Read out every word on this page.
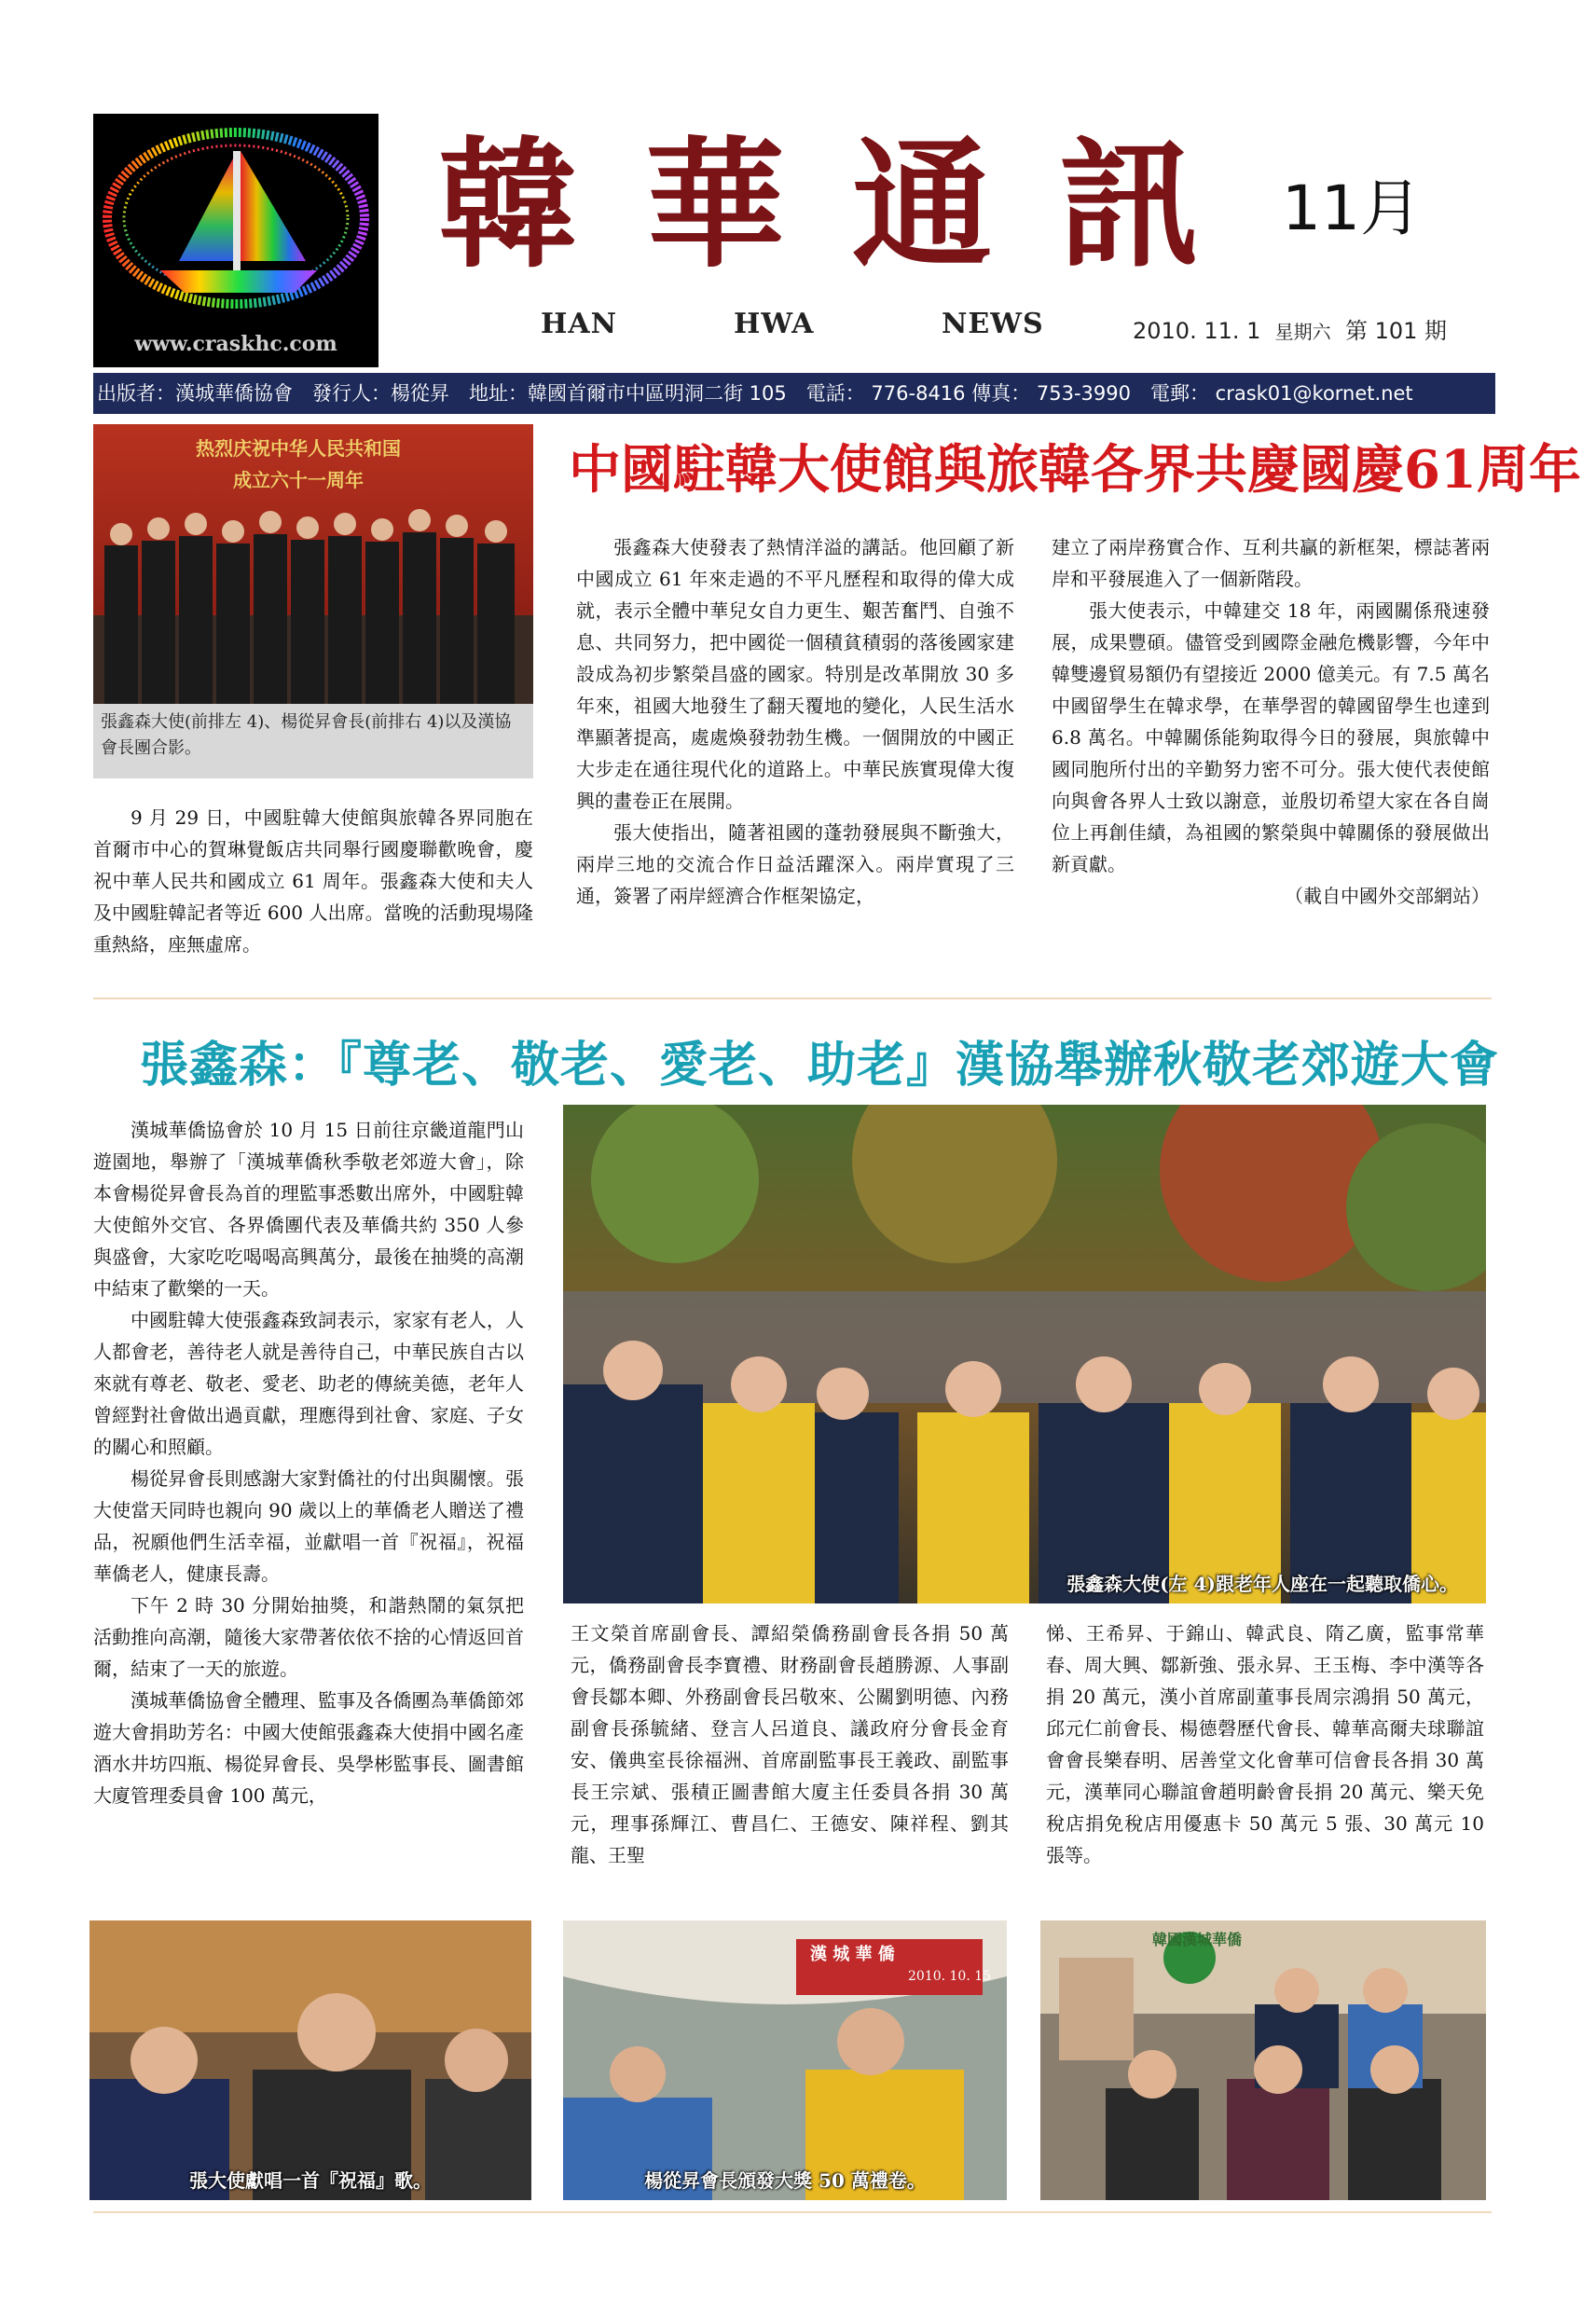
www.craskhc.com
韓華通訊 11月
HAN	HWA	NEWS	2010. 11. 1 星期六 第 101 期
出版者：漢城華僑協會　發行人：楊從昇　地址：韓國首爾市中區明洞二街 105　電話： 776-8416 傳真： 753-3990　電郵： crask01@kornet.net
热烈庆祝中华人民共和国
成立六十一周年
張鑫森大使(前排左 4)、楊從昇會長(前排右 4)以及漢協會長團合影。
中國駐韓大使館與旅韓各界共慶國慶61周年

9 月 29 日，中國駐韓大使館與旅韓各界同胞在首爾市中心的賀琳覺飯店共同舉行國慶聯歡晚會，慶祝中華人民共和國成立 61 周年。張鑫森大使和夫人及中國駐韓記者等近 600 人出席。當晚的活動現場隆重熱絡，座無虛席。

張鑫森大使發表了熱情洋溢的講話。他回顧了新中國成立 61 年來走過的不平凡歷程和取得的偉大成就，表示全體中華兒女自力更生、艱苦奮鬥、自強不息、共同努力，把中國從一個積貧積弱的落後國家建設成為初步繁榮昌盛的國家。特別是改革開放 30 多年來，祖國大地發生了翻天覆地的變化，人民生活水準顯著提高，處處煥發勃勃生機。一個開放的中國正大步走在通往現代化的道路上。中華民族實現偉大復興的畫卷正在展開。

張大使指出，隨著祖國的蓬勃發展與不斷強大，兩岸三地的交流合作日益活躍深入。兩岸實現了三通，簽署了兩岸經濟合作框架協定，

建立了兩岸務實合作、互利共贏的新框架，標誌著兩岸和平發展進入了一個新階段。

張大使表示，中韓建交 18 年，兩國關係飛速發展，成果豐碩。儘管受到國際金融危機影響，今年中韓雙邊貿易額仍有望接近 2000 億美元。有 7.5 萬名中國留學生在韓求學，在華學習的韓國留學生也達到 6.8 萬名。中韓關係能夠取得今日的發展，與旅韓中國同胞所付出的辛勤努力密不可分。張大使代表使館向與會各界人士致以謝意，並殷切希望大家在各自崗位上再創佳績，為祖國的繁榮與中韓關係的發展做出新貢獻。

（載自中國外交部網站）

張鑫森：『尊老、敬老、愛老、助老』漢協舉辦秋敬老郊遊大會

漢城華僑協會於 10 月 15 日前往京畿道龍門山遊園地，舉辦了「漢城華僑秋季敬老郊遊大會」，除本會楊從昇會長為首的理監事悉數出席外，中國駐韓大使館外交官、各界僑團代表及華僑共約 350 人參與盛會，大家吃吃喝喝高興萬分，最後在抽獎的高潮中結束了歡樂的一天。

中國駐韓大使張鑫森致詞表示，家家有老人，人人都會老，善待老人就是善待自己，中華民族自古以來就有尊老、敬老、愛老、助老的傳統美德，老年人曾經對社會做出過貢獻，理應得到社會、家庭、子女的關心和照顧。

楊從昇會長則感謝大家對僑社的付出與關懷。張大使當天同時也親向 90 歲以上的華僑老人贈送了禮品，祝願他們生活幸福，並獻唱一首『祝福』，祝福華僑老人，健康長壽。

下午 2 時 30 分開始抽獎，和諧熱鬧的氣氛把活動推向高潮，隨後大家帶著依依不捨的心情返回首爾，結束了一天的旅遊。

漢城華僑協會全體理、監事及各僑團為華僑節郊遊大會捐助芳名：中國大使館張鑫森大使捐中國名產酒水井坊四瓶、楊從昇會長、吳學彬監事長、圖書館大廈管理委員會 100 萬元，

張鑫森大使(左 4)跟老年人座在一起聽取僑心。

王文榮首席副會長、譚紹榮僑務副會長各捐 50 萬元，僑務副會長李寶禮、財務副會長趙勝源、人事副會長鄒本卿、外務副會長呂敬來、公關劉明德、內務副會長孫毓緒、登言人呂道良、議政府分會長金育安、儀典室長徐福洲、首席副監事長王義政、副監事長王宗斌、張積正圖書館大廈主任委員各捐 30 萬元，理事孫輝江、曹昌仁、王德安、陳祥程、劉其龍、王聖

悌、王希昇、于錦山、韓武良、隋乙廣，監事常華春、周大興、鄒新強、張永昇、王玉梅、李中漢等各捐 20 萬元，漢小首席副董事長周宗鴻捐 50 萬元，邱元仁前會長、楊德磬歷代會長、韓華高爾夫球聯誼會會長樂春明、居善堂文化會華可信會長各捐 30 萬元，漢華同心聯誼會趙明齡會長捐 20 萬元、樂天免稅店捐免稅店用優惠卡 50 萬元 5 張、30 萬元 10 張等。

張大使獻唱一首『祝福』歌。
漢 城 華 僑
2010. 10. 15
楊從昇會長頒發大獎 50 萬禮卷。
韓國漢城華僑
